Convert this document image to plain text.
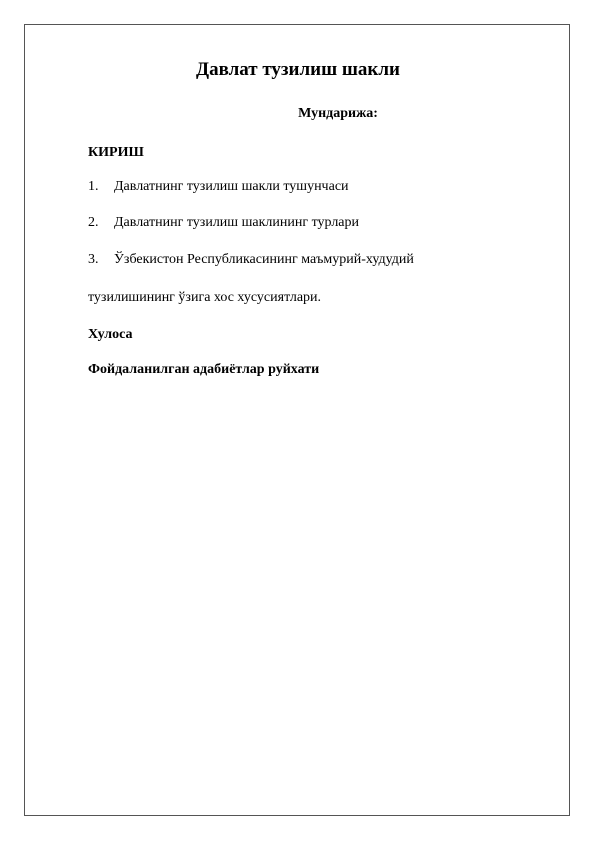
Давлат тузилиш шакли
Мундарижа:
КИРИШ
1. Давлатнинг тузилиш шакли тушунчаси
2. Давлатнинг тузилиш шаклининг турлари
3. Ўзбекистон Республикасининг маъмурий-худудий
тузилишининг ўзига хос хусусиятлари.
Хулоса
Фойдаланилган адабиётлар руйхати
